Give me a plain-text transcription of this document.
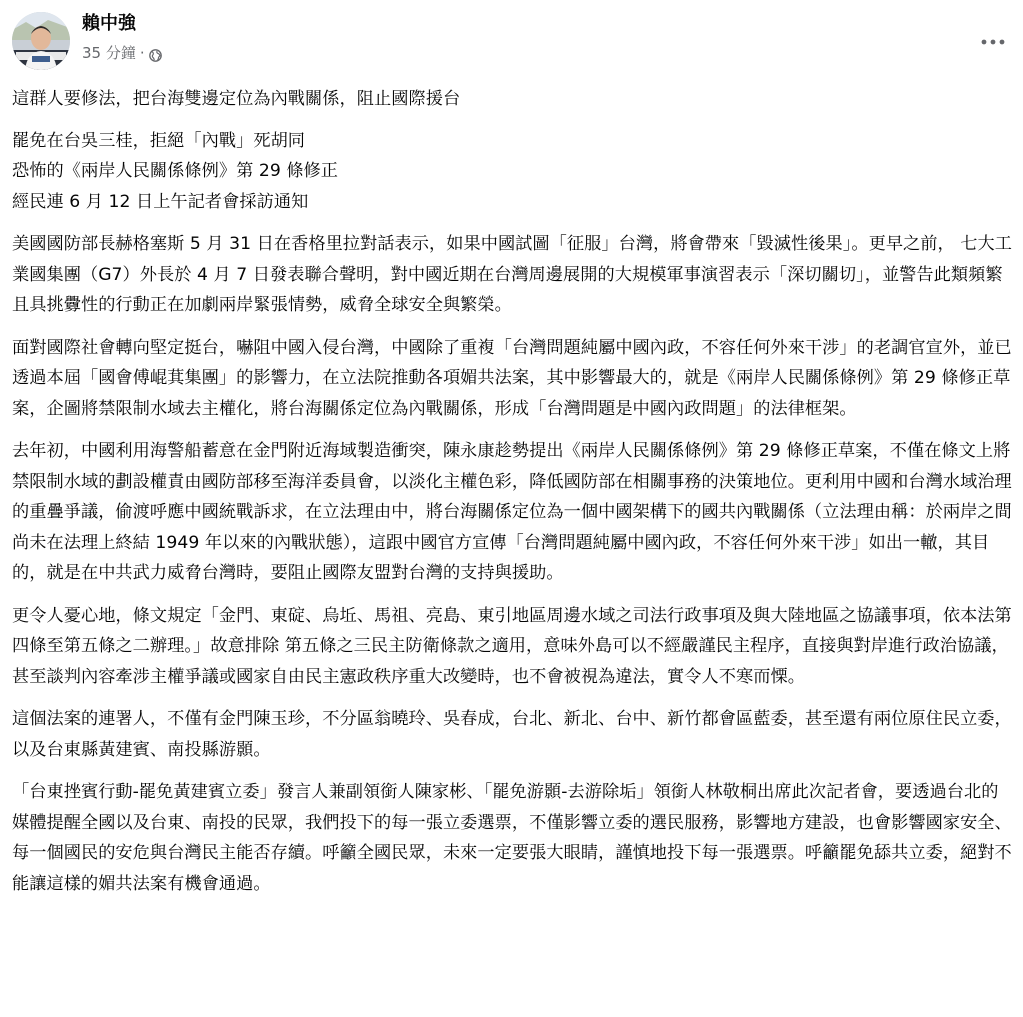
賴中強
35 分鐘 ·

這群人要修法，把台海雙邊定位為內戰關係，阻止國際援台

罷免在台吳三桂，拒絕「內戰」死胡同
恐怖的《兩岸人民關係條例》第 29 條修正
經民連 6 月 12 日上午記者會採訪通知

美國國防部長赫格塞斯 5 月 31 日在香格里拉對話表示，如果中國試圖「征服」台灣，將會帶來「毀滅性後果」。更早之前， 七大工業國集團（G7）外長於 4 月 7 日發表聯合聲明，對中國近期在台灣周邊展開的大規模軍事演習表示「深切關切」，並警告此類頻繁且具挑釁性的行動正在加劇兩岸緊張情勢，威脅全球安全與繁榮。

面對國際社會轉向堅定挺台，嚇阻中國入侵台灣，中國除了重複「台灣問題純屬中國內政，不容任何外來干涉」的老調官宣外，並已透過本屆「國會傅崐萁集團」的影響力，在立法院推動各項媚共法案，其中影響最大的，就是《兩岸人民關係條例》第 29 條修正草案，企圖將禁限制水域去主權化，將台海關係定位為內戰關係，形成「台灣問題是中國內政問題」的法律框架。

去年初，中國利用海警船蓄意在金門附近海域製造衝突，陳永康趁勢提出《兩岸人民關係條例》第 29 條修正草案，不僅在條文上將禁限制水域的劃設權責由國防部移至海洋委員會，以淡化主權色彩，降低國防部在相關事務的決策地位。更利用中國和台灣水域治理的重疊爭議，偷渡呼應中國統戰訴求，在立法理由中，將台海關係定位為一個中國架構下的國共內戰關係（立法理由稱：於兩岸之間尚未在法理上終結 1949 年以來的內戰狀態），這跟中國官方宣傳「台灣問題純屬中國內政，不容任何外來干涉」如出一轍，其目的，就是在中共武力威脅台灣時，要阻止國際友盟對台灣的支持與援助。

更令人憂心地，條文規定「金門、東碇、烏坵、馬祖、亮島、東引地區周邊水域之司法行政事項及與大陸地區之協議事項，依本法第四條至第五條之二辦理。」故意排除 第五條之三民主防衛條款之適用，意味外島可以不經嚴謹民主程序，直接與對岸進行政治協議，甚至談判內容牽涉主權爭議或國家自由民主憲政秩序重大改變時，也不會被視為違法，實令人不寒而慄。

這個法案的連署人，不僅有金門陳玉珍，不分區翁曉玲、吳春成，台北、新北、台中、新竹都會區藍委，甚至還有兩位原住民立委，以及台東縣黃建賓、南投縣游顥。

「台東挫賓行動-罷免黃建賓立委」發言人兼副領銜人陳家彬、「罷免游顥-去游除垢」領銜人林敬桐出席此次記者會，要透過台北的媒體提醒全國以及台東、南投的民眾，我們投下的每一張立委選票，不僅影響立委的選民服務，影響地方建設，也會影響國家安全、每一個國民的安危與台灣民主能否存續。呼籲全國民眾，未來一定要張大眼睛，謹慎地投下每一張選票。呼籲罷免舔共立委，絕對不能讓這樣的媚共法案有機會通過。
